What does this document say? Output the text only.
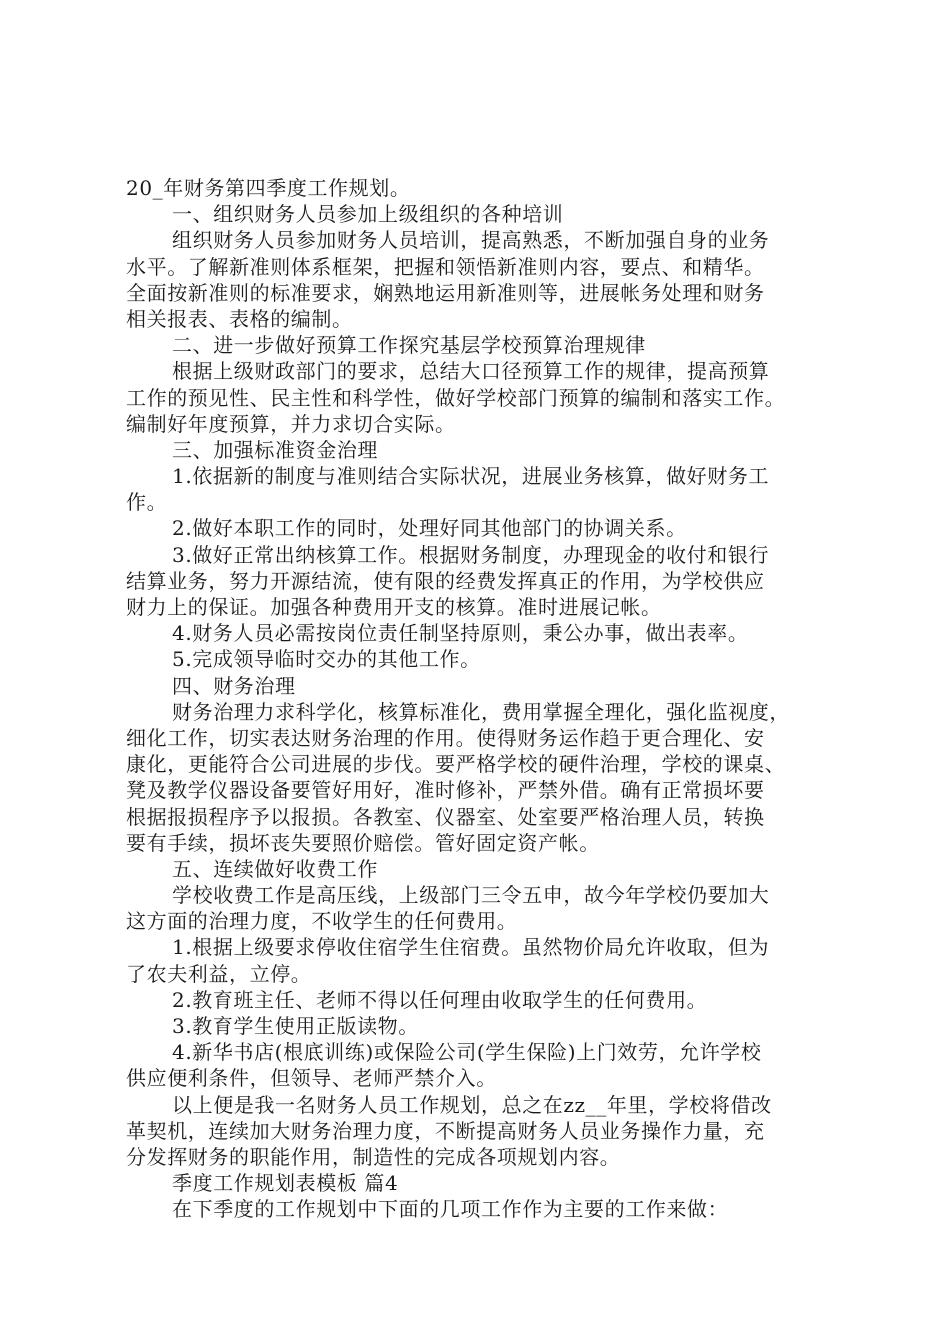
20_年财务第四季度工作规划。
一、组织财务人员参加上级组织的各种培训
组织财务人员参加财务人员培训，提高熟悉，不断加强自身的业务
水平。了解新准则体系框架，把握和领悟新准则内容，要点、和精华。
全面按新准则的标准要求，娴熟地运用新准则等，进展帐务处理和财务
相关报表、表格的编制。
二、进一步做好预算工作探究基层学校预算治理规律
根据上级财政部门的要求，总结大口径预算工作的规律，提高预算
工作的预见性、民主性和科学性，做好学校部门预算的编制和落实工作。
编制好年度预算，并力求切合实际。
三、加强标准资金治理
1.依据新的制度与准则结合实际状况，进展业务核算，做好财务工
作。
2.做好本职工作的同时，处理好同其他部门的协调关系。
3.做好正常出纳核算工作。根据财务制度，办理现金的收付和银行
结算业务，努力开源结流，使有限的经费发挥真正的作用，为学校供应
财力上的保证。加强各种费用开支的核算。准时进展记帐。
4.财务人员必需按岗位责任制坚持原则，秉公办事，做出表率。
5.完成领导临时交办的其他工作。
四、财务治理
财务治理力求科学化，核算标准化，费用掌握全理化，强化监视度，
细化工作，切实表达财务治理的作用。使得财务运作趋于更合理化、安
康化，更能符合公司进展的步伐。要严格学校的硬件治理，学校的课桌、
凳及教学仪器设备要管好用好，准时修补，严禁外借。确有正常损坏要
根据报损程序予以报损。各教室、仪器室、处室要严格治理人员，转换
要有手续，损坏丧失要照价赔偿。管好固定资产帐。
五、连续做好收费工作
学校收费工作是高压线，上级部门三令五申，故今年学校仍要加大
这方面的治理力度，不收学生的任何费用。
1.根据上级要求停收住宿学生住宿费。虽然物价局允许收取，但为
了农夫利益，立停。
2.教育班主任、老师不得以任何理由收取学生的任何费用。
3.教育学生使用正版读物。
4.新华书店(根底训练)或保险公司(学生保险)上门效劳，允许学校
供应便利条件，但领导、老师严禁介入。
以上便是我一名财务人员工作规划，总之在zz__年里，学校将借改
革契机，连续加大财务治理力度，不断提高财务人员业务操作力量，充
分发挥财务的职能作用，制造性的完成各项规划内容。
季度工作规划表模板 篇4
在下季度的工作规划中下面的几项工作作为主要的工作来做：
